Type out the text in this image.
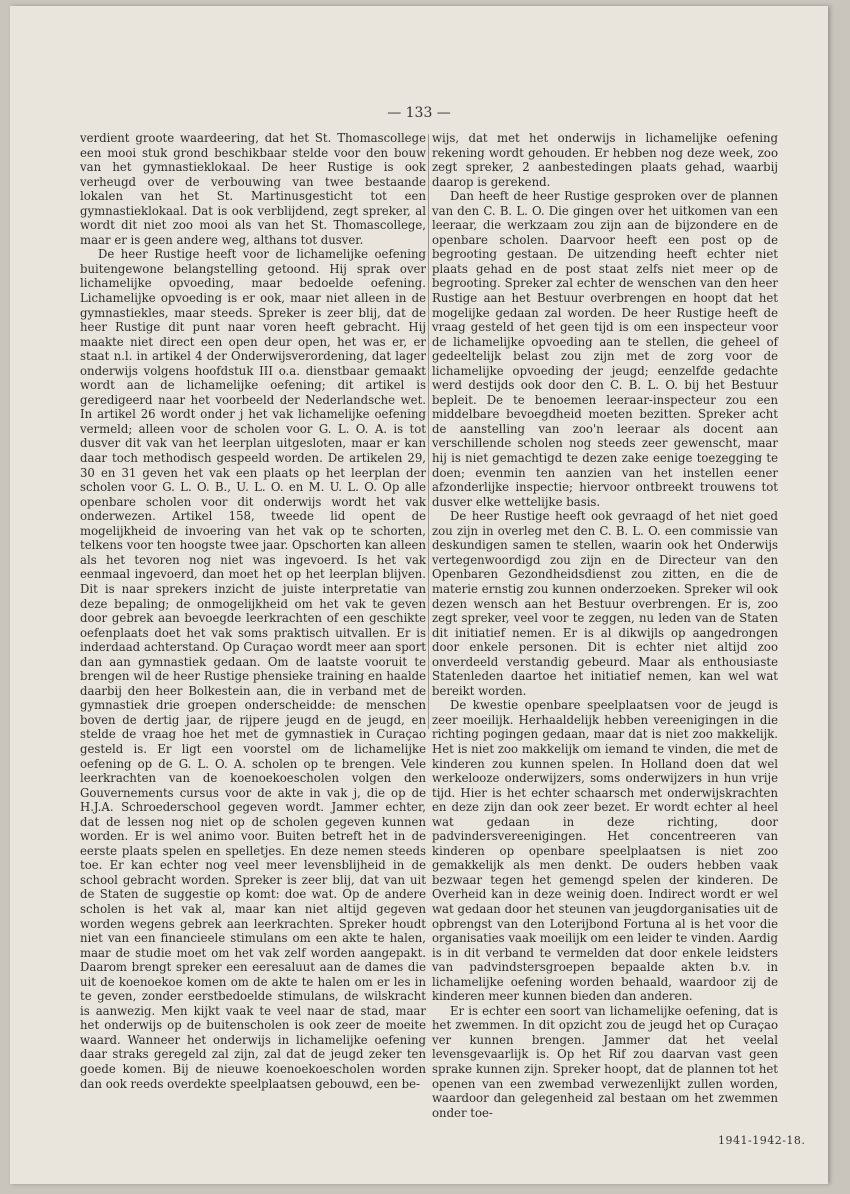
— 133 —

verdient groote waardeering, dat het St. Thomascollege een mooi stuk grond beschikbaar stelde voor den bouw van het gymnastieklokaal. De heer Rustige is ook verheugd over de verbouwing van twee bestaande lokalen van het St. Martinusgesticht tot een gymnastieklokaal. Dat is ook verblijdend, zegt spreker, al wordt dit niet zoo mooi als van het St. Thomascollege, maar er is geen andere weg, althans tot dusver.

De heer Rustige heeft voor de lichamelijke oefening buitengewone belangstelling getoond. Hij sprak over lichamelijke opvoeding, maar bedoelde oefening. Lichamelijke opvoeding is er ook, maar niet alleen in de gymnastiekles, maar steeds. Spreker is zeer blij, dat de heer Rustige dit punt naar voren heeft gebracht. Hij maakte niet direct een open deur open, het was er, er staat n.l. in artikel 4 der Onderwijsverordening, dat lager onderwijs volgens hoofdstuk III o.a. dienstbaar gemaakt wordt aan de lichamelijke oefening; dit artikel is geredigeerd naar het voorbeeld der Nederlandsche wet. In artikel 26 wordt onder j het vak lichamelijke oefening vermeld; alleen voor de scholen voor G. L. O. A. is tot dusver dit vak van het leerplan uitgesloten, maar er kan daar toch methodisch gespeeld worden. De artikelen 29, 30 en 31 geven het vak een plaats op het leerplan der scholen voor G. L. O. B., U. L. O. en M. U. L. O. Op alle openbare scholen voor dit onderwijs wordt het vak onderwezen. Artikel 158, tweede lid opent de mogelijkheid de invoering van het vak op te schorten, telkens voor ten hoogste twee jaar. Opschorten kan alleen als het tevoren nog niet was ingevoerd. Is het vak eenmaal ingevoerd, dan moet het op het leerplan blijven. Dit is naar sprekers inzicht de juiste interpretatie van deze bepaling; de onmogelijkheid om het vak te geven door gebrek aan bevoegde leerkrachten of een geschikte oefenplaats doet het vak soms praktisch uitvallen. Er is inderdaad achterstand. Op Curaçao wordt meer aan sport dan aan gymnastiek gedaan. Om de laatste vooruit te brengen wil de heer Rustige phensieke training en haalde daarbij den heer Bolkestein aan, die in verband met de gymnastiek drie groepen onderscheidde: de menschen boven de dertig jaar, de rijpere jeugd en de jeugd, en stelde de vraag hoe het met de gymnastiek in Curaçao gesteld is. Er ligt een voorstel om de lichamelijke oefening op de G. L. O. A. scholen op te brengen. Vele leerkrachten van de koenoekoescholen volgen den Gouvernements cursus voor de akte in vak j, die op de H.J.A. Schroederschool gegeven wordt. Jammer echter, dat de lessen nog niet op de scholen gegeven kunnen worden. Er is wel animo voor. Buiten betreft het in de eerste plaats spelen en spelletjes. En deze nemen steeds toe. Er kan echter nog veel meer levensblijheid in de school gebracht worden. Spreker is zeer blij, dat van uit de Staten de suggestie op komt: doe wat. Op de andere scholen is het vak al, maar kan niet altijd gegeven worden wegens gebrek aan leerkrachten. Spreker houdt niet van een financieele stimulans om een akte te halen, maar de studie moet om het vak zelf worden aangepakt. Daarom brengt spreker een eeresaluut aan de dames die uit de koenoekoe komen om de akte te halen om er les in te geven, zonder eerstbedoelde stimulans, de wilskracht is aanwezig. Men kijkt vaak te veel naar de stad, maar het onderwijs op de buitenscholen is ook zeer de moeite waard. Wanneer het onderwijs in lichamelijke oefening daar straks geregeld zal zijn, zal dat de jeugd zeker ten goede komen. Bij de nieuwe koenoekoescholen worden dan ook reeds overdekte speelplaatsen gebouwd, een be-

wijs, dat met het onderwijs in lichamelijke oefening rekening wordt gehouden. Er hebben nog deze week, zoo zegt spreker, 2 aanbestedingen plaats gehad, waarbij daarop is gerekend.

Dan heeft de heer Rustige gesproken over de plannen van den C. B. L. O. Die gingen over het uitkomen van een leeraar, die werkzaam zou zijn aan de bijzondere en de openbare scholen. Daarvoor heeft een post op de begrooting gestaan. De uitzending heeft echter niet plaats gehad en de post staat zelfs niet meer op de begrooting. Spreker zal echter de wenschen van den heer Rustige aan het Bestuur overbrengen en hoopt dat het mogelijke gedaan zal worden. De heer Rustige heeft de vraag gesteld of het geen tijd is om een inspecteur voor de lichamelijke opvoeding aan te stellen, die geheel of gedeeltelijk belast zou zijn met de zorg voor de lichamelijke opvoeding der jeugd; eenzelfde gedachte werd destijds ook door den C. B. L. O. bij het Bestuur bepleit. De te benoemen leeraar-inspecteur zou een middelbare bevoegdheid moeten bezitten. Spreker acht de aanstelling van zoo'n leeraar als docent aan verschillende scholen nog steeds zeer gewenscht, maar hij is niet gemachtigd te dezen zake eenige toezegging te doen; evenmin ten aanzien van het instellen eener afzonderlijke inspectie; hiervoor ontbreekt trouwens tot dusver elke wettelijke basis.

De heer Rustige heeft ook gevraagd of het niet goed zou zijn in overleg met den C. B. L. O. een commissie van deskundigen samen te stellen, waarin ook het Onderwijs vertegenwoordigd zou zijn en de Directeur van den Openbaren Gezondheidsdienst zou zitten, en die de materie ernstig zou kunnen onderzoeken. Spreker wil ook dezen wensch aan het Bestuur overbrengen. Er is, zoo zegt spreker, veel voor te zeggen, nu leden van de Staten dit initiatief nemen. Er is al dikwijls op aangedrongen door enkele personen. Dit is echter niet altijd zoo onverdeeld verstandig gebeurd. Maar als enthousiaste Statenleden daartoe het initiatief nemen, kan wel wat bereikt worden.

De kwestie openbare speelplaatsen voor de jeugd is zeer moeilijk. Herhaaldelijk hebben vereenigingen in die richting pogingen gedaan, maar dat is niet zoo makkelijk. Het is niet zoo makkelijk om iemand te vinden, die met de kinderen zou kunnen spelen. In Holland doen dat wel werkelooze onderwijzers, soms onderwijzers in hun vrije tijd. Hier is het echter schaarsch met onderwijskrachten en deze zijn dan ook zeer bezet. Er wordt echter al heel wat gedaan in deze richting, door padvindersvereenigingen. Het concentreeren van kinderen op openbare speelplaatsen is niet zoo gemakkelijk als men denkt. De ouders hebben vaak bezwaar tegen het gemengd spelen der kinderen. De Overheid kan in deze weinig doen. Indirect wordt er wel wat gedaan door het steunen van jeugdorganisaties uit de opbrengst van den Loterijbond Fortuna al is het voor die organisaties vaak moeilijk om een leider te vinden. Aardig is in dit verband te vermelden dat door enkele leidsters van padvindstersgroepen bepaalde akten b.v. in lichamelijke oefening worden behaald, waardoor zij de kinderen meer kunnen bieden dan anderen.

Er is echter een soort van lichamelijke oefening, dat is het zwemmen. In dit opzicht zou de jeugd het op Curaçao ver kunnen brengen. Jammer dat het veelal levensgevaarlijk is. Op het Rif zou daarvan vast geen sprake kunnen zijn. Spreker hoopt, dat de plannen tot het openen van een zwembad verwezenlijkt zullen worden, waardoor dan gelegenheid zal bestaan om het zwemmen onder toe-

1941-1942-18.
